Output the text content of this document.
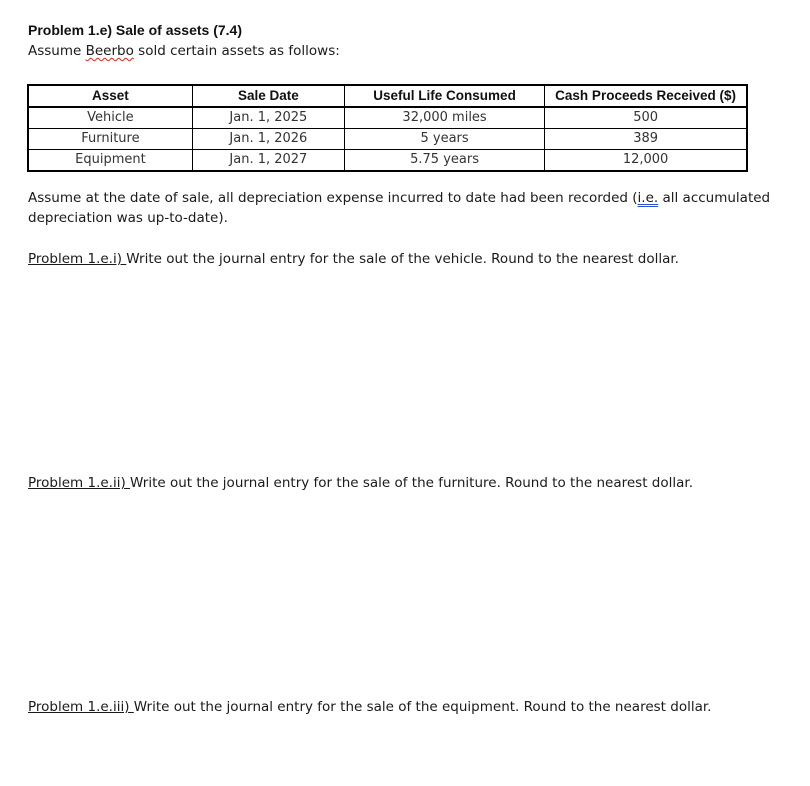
Problem 1.e) Sale of assets (7.4)
Assume Beerbo sold certain assets as follows:
Asset	Sale Date	Useful Life Consumed	Cash Proceeds Received ($)
Vehicle	Jan. 1, 2025	32,000 miles	500
Furniture	Jan. 1, 2026	5 years	389
Equipment	Jan. 1, 2027	5.75 years	12,000
Assume at the date of sale, all depreciation expense incurred to date had been recorded (i.e. all accumulated depreciation was up-to-date).
Problem 1.e.i) Write out the journal entry for the sale of the vehicle. Round to the nearest dollar.
Problem 1.e.ii) Write out the journal entry for the sale of the furniture. Round to the nearest dollar.
Problem 1.e.iii) Write out the journal entry for the sale of the equipment. Round to the nearest dollar.
